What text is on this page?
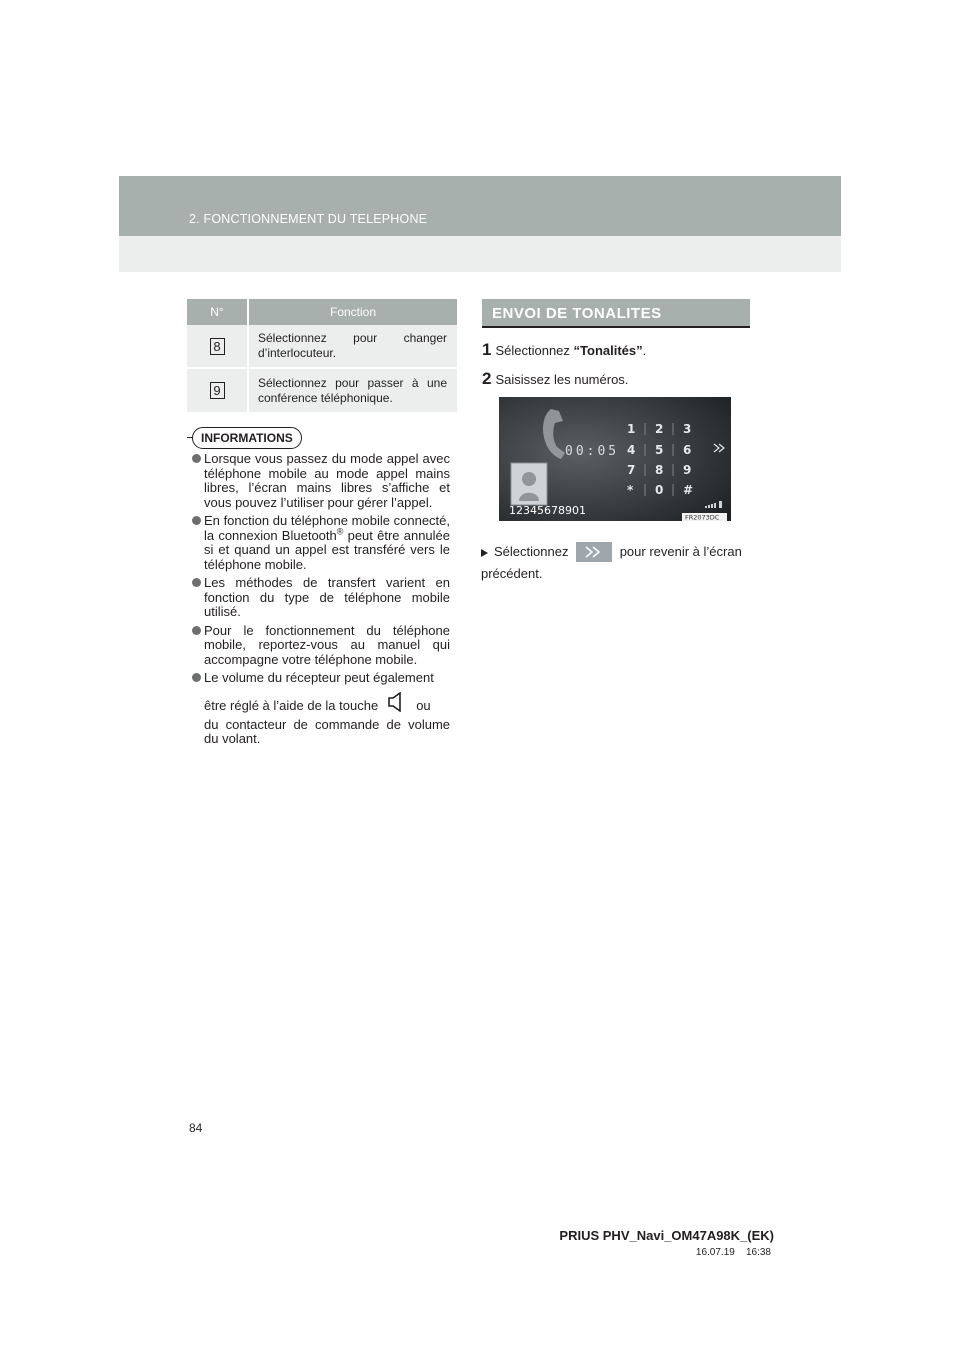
2. FONCTIONNEMENT DU TELEPHONE
N°	Fonction
8	Sélectionnez pour changer d’interlocuteur.
9	Sélectionnez pour passer à une conférence téléphonique.
INFORMATIONS
Lorsque vous passez du mode appel avec téléphone mobile au mode appel mains libres, l’écran mains libres s’affiche et vous pouvez l’utiliser pour gérer l’appel.
En fonction du téléphone mobile connecté, la connexion Bluetooth® peut être annulée si et quand un appel est transféré vers le téléphone mobile.
Les méthodes de transfert varient en fonction du type de téléphone mobile utilisé.
Pour le fonctionnement du téléphone mobile, reportez-vous au manuel qui accompagne votre téléphone mobile.
Le volume du récepteur peut également
être réglé à l’aide de la touche	ou
du contacteur de commande de volume du volant.
ENVOI DE TONALITES
1 Sélectionnez “Tonalités”.
2 Saisissez les numéros.
00:05
12345678901
1 2 3
4 5 6
7 8 9
* 0 #
FR2073DC
Sélectionnez	pour revenir à l’écran précédent.
84
PRIUS PHV_Navi_OM47A98K_(EK)
16.07.19 16:38
